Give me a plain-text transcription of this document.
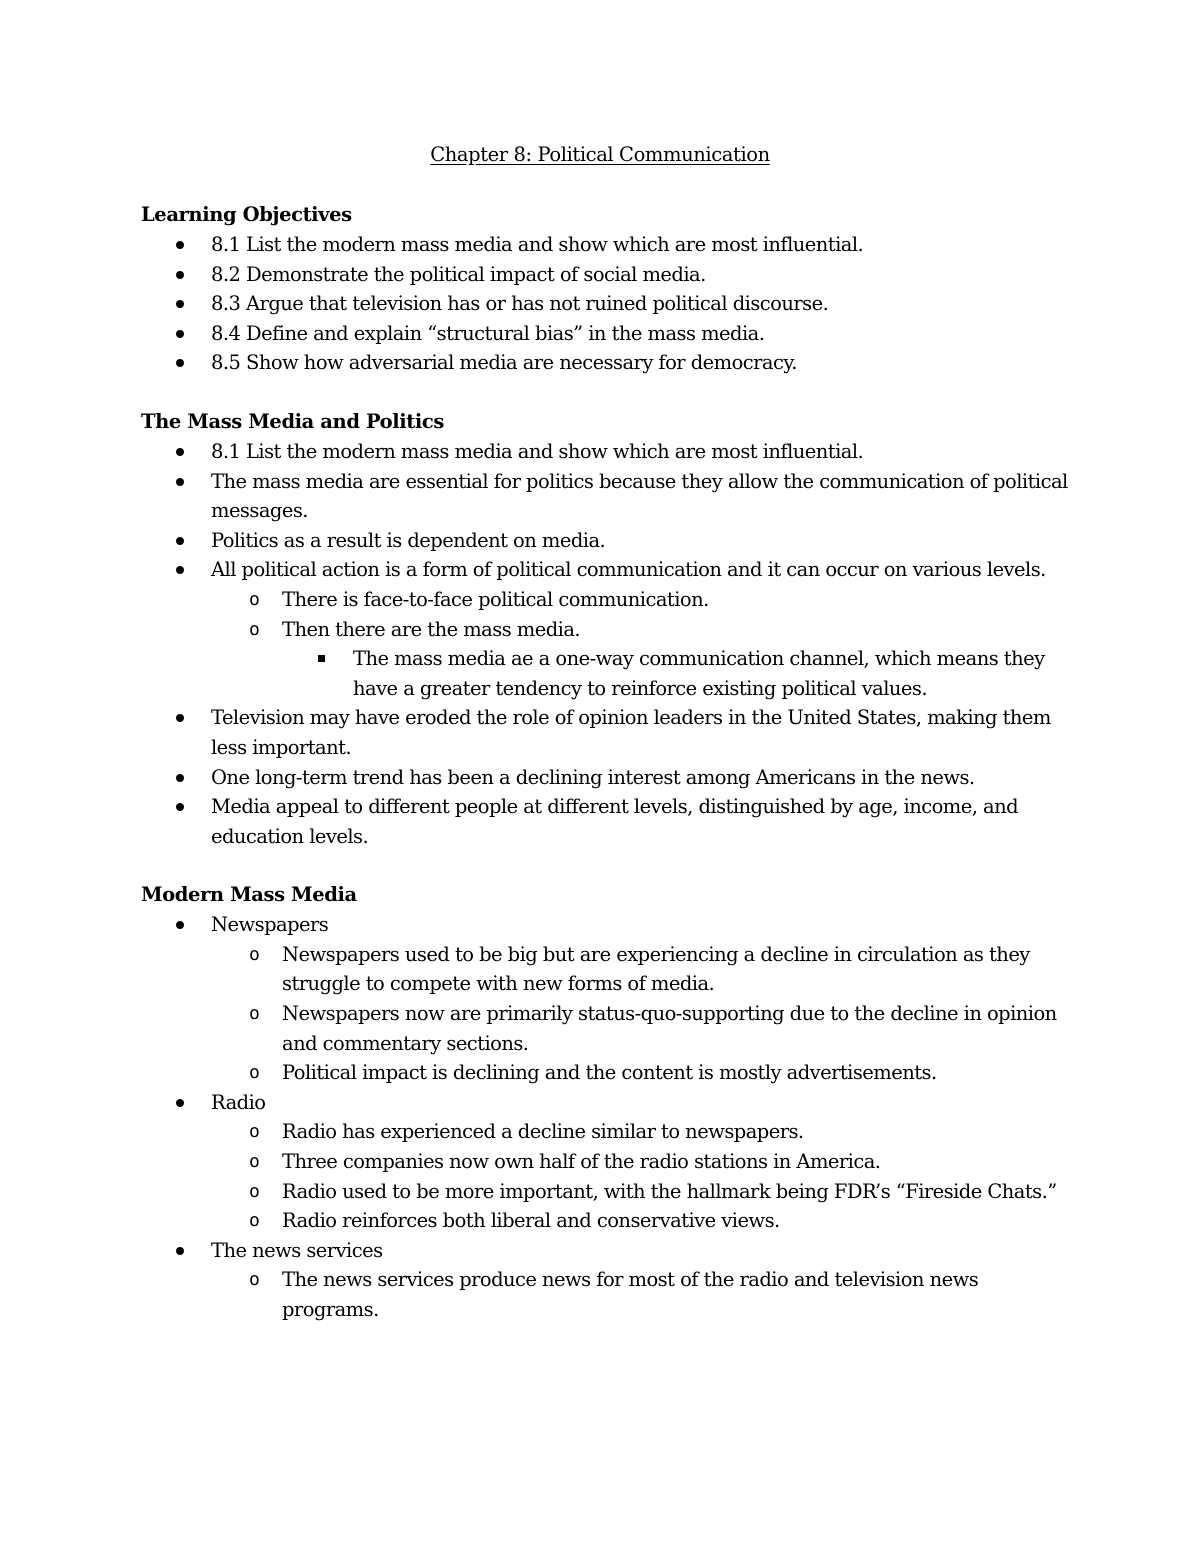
Chapter 8: Political Communication
Learning Objectives
8.1 List the modern mass media and show which are most influential.
8.2 Demonstrate the political impact of social media.
8.3 Argue that television has or has not ruined political discourse.
8.4 Define and explain “structural bias” in the mass media.
8.5 Show how adversarial media are necessary for democracy.
The Mass Media and Politics
8.1 List the modern mass media and show which are most influential.
The mass media are essential for politics because they allow the communication of political messages.
Politics as a result is dependent on media.
All political action is a form of political communication and it can occur on various levels.
o There is face-to-face political communication.
o Then there are the mass media.
The mass media ae a one-way communication channel, which means they have a greater tendency to reinforce existing political values.
Television may have eroded the role of opinion leaders in the United States, making them less important.
One long-term trend has been a declining interest among Americans in the news.
Media appeal to different people at different levels, distinguished by age, income, and education levels.
Modern Mass Media
Newspapers
o Newspapers used to be big but are experiencing a decline in circulation as they struggle to compete with new forms of media.
o Newspapers now are primarily status-quo-supporting due to the decline in opinion and commentary sections.
o Political impact is declining and the content is mostly advertisements.
Radio
o Radio has experienced a decline similar to newspapers.
o Three companies now own half of the radio stations in America.
o Radio used to be more important, with the hallmark being FDR’s “Fireside Chats.”
o Radio reinforces both liberal and conservative views.
The news services
o The news services produce news for most of the radio and television news programs.
